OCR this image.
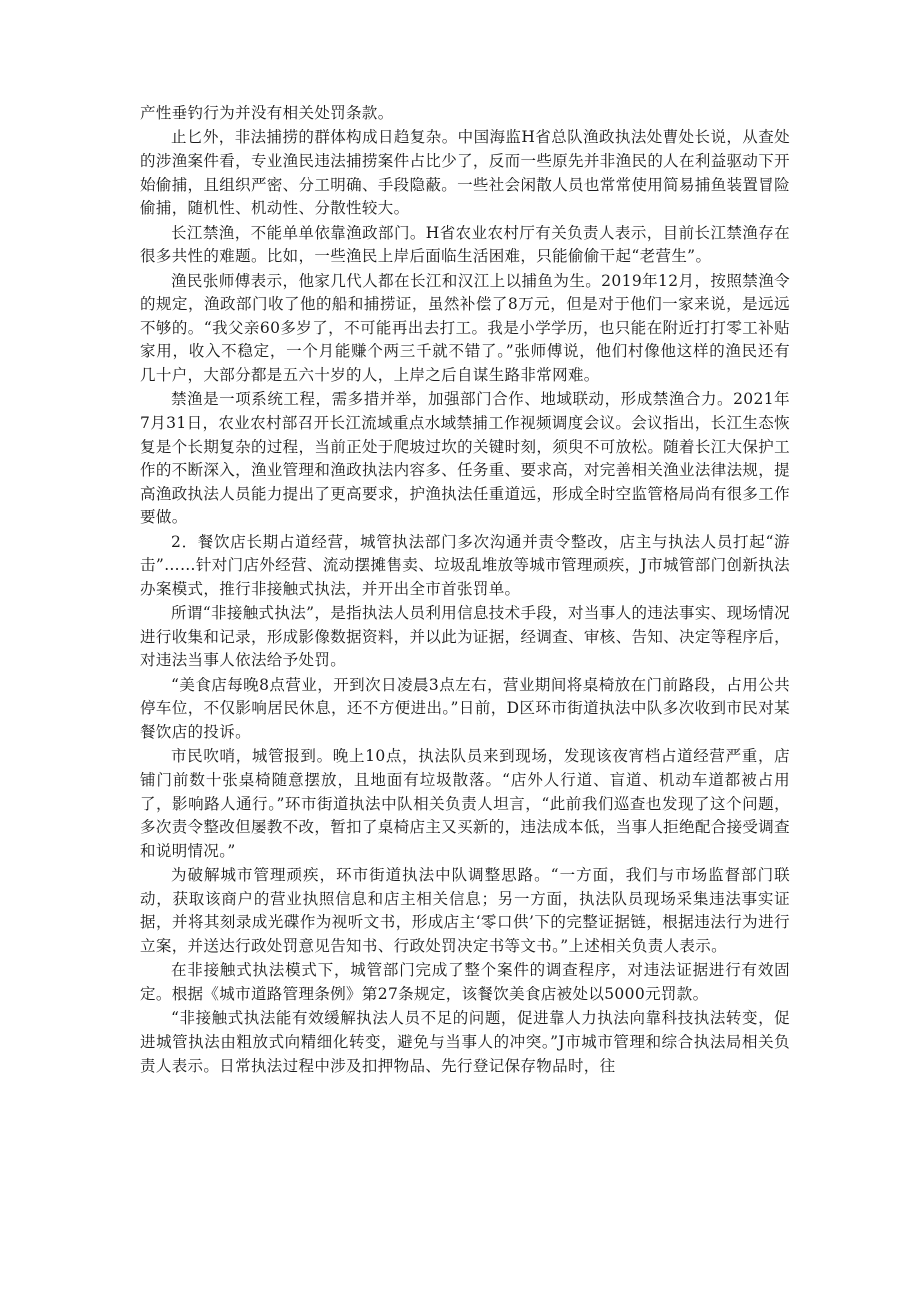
产性垂钓行为并没有相关处罚条款。

止匕外，非法捕捞的群体构成日趋复杂。中国海监H省总队渔政执法处曹处长说，从查处的涉渔案件看，专业渔民违法捕捞案件占比少了，反而一些原先并非渔民的人在利益驱动下开始偷捕，且组织严密、分工明确、手段隐蔽。一些社会闲散人员也常常使用简易捕鱼装置冒险偷捕，随机性、机动性、分散性较大。

长江禁渔，不能单单依靠渔政部门。H省农业农村厅有关负责人表示，目前长江禁渔存在很多共性的难题。比如，一些渔民上岸后面临生活困难，只能偷偷干起“老营生”。

渔民张师傅表示，他家几代人都在长江和汉江上以捕鱼为生。2019年12月，按照禁渔令的规定，渔政部门收了他的船和捕捞证，虽然补偿了8万元，但是对于他们一家来说，是远远不够的。“我父亲60多岁了，不可能再出去打工。我是小学学历，也只能在附近打打零工补贴家用，收入不稳定，一个月能赚个两三千就不错了。”张师傅说，他们村像他这样的渔民还有几十户，大部分都是五六十岁的人，上岸之后自谋生路非常网难。

禁渔是一项系统工程，需多措并举，加强部门合作、地域联动，形成禁渔合力。2021年7月31日，农业农村部召开长江流域重点水域禁捕工作视频调度会议。会议指出，长江生态恢复是个长期复杂的过程，当前正处于爬坡过坎的关键时刻，须臾不可放松。随着长江大保护工作的不断深入，渔业管理和渔政执法内容多、任务重、要求高，对完善相关渔业法律法规，提高渔政执法人员能力提出了更高要求，护渔执法任重道远，形成全时空监管格局尚有很多工作要做。

2．餐饮店长期占道经营，城管执法部门多次沟通并责令整改，店主与执法人员打起“游击”……针对门店外经营、流动摆摊售卖、垃圾乱堆放等城市管理顽疾，J市城管部门创新执法办案模式，推行非接触式执法，并开出全市首张罚单。

所谓“非接触式执法”，是指执法人员利用信息技术手段，对当事人的违法事实、现场情况进行收集和记录，形成影像数据资料，并以此为证据，经调查、审核、告知、决定等程序后，对违法当事人依法给予处罚。

“美食店每晚8点营业，开到次日凌晨3点左右，营业期间将桌椅放在门前路段，占用公共停车位，不仅影响居民休息，还不方便进出。”日前，D区环市街道执法中队多次收到市民对某餐饮店的投诉。

市民吹哨，城管报到。晚上10点，执法队员来到现场，发现该夜宵档占道经营严重，店铺门前数十张桌椅随意摆放，且地面有垃圾散落。“店外人行道、盲道、机动车道都被占用了，影响路人通行。”环市街道执法中队相关负责人坦言，“此前我们巡查也发现了这个问题，多次责令整改但屡教不改，暂扣了桌椅店主又买新的，违法成本低，当事人拒绝配合接受调查和说明情况。”

为破解城市管理顽疾，环市街道执法中队调整思路。“一方面，我们与市场监督部门联动，获取该商户的营业执照信息和店主相关信息；另一方面，执法队员现场采集违法事实证据，并将其刻录成光碟作为视听文书，形成店主‘零口供’下的完整证据链，根据违法行为进行立案，并送达行政处罚意见告知书、行政处罚决定书等文书。”上述相关负责人表示。

在非接触式执法模式下，城管部门完成了整个案件的调查程序，对违法证据进行有效固定。根据《城市道路管理条例》第27条规定，该餐饮美食店被处以5000元罚款。

“非接触式执法能有效缓解执法人员不足的问题，促进靠人力执法向靠科技执法转变，促进城管执法由粗放式向精细化转变，避免与当事人的冲突。”J市城市管理和综合执法局相关负责人表示。日常执法过程中涉及扣押物品、先行登记保存物品时，往
